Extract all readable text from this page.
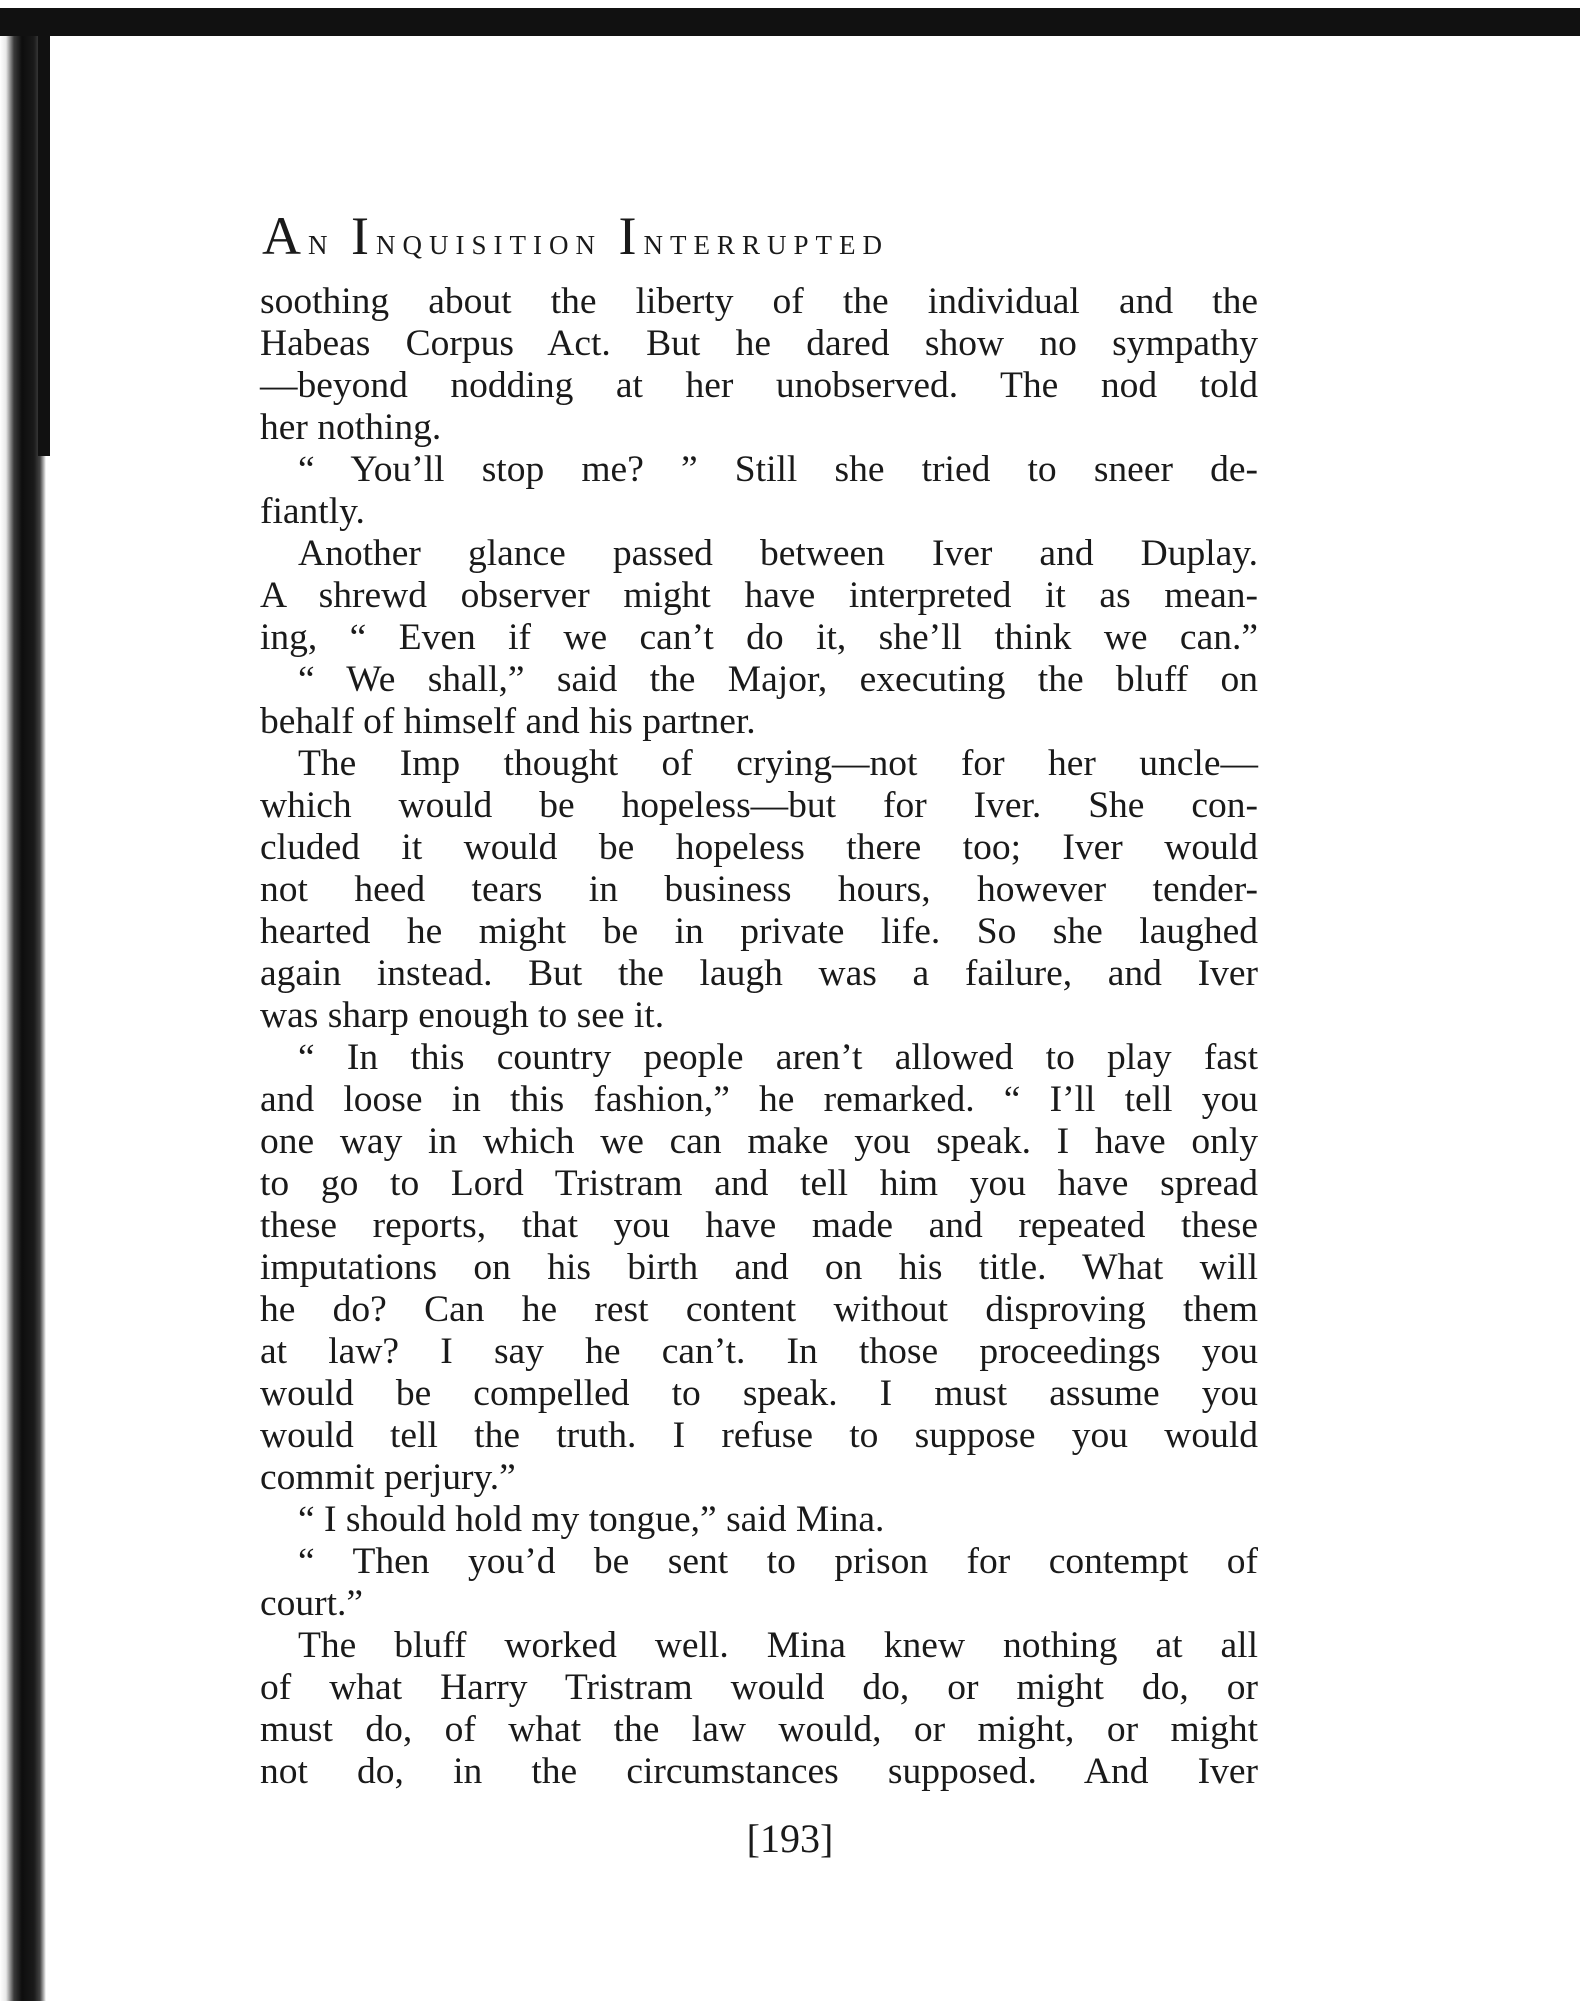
An Inquisition Interrupted

soothing about the liberty of the individual and the

Habeas Corpus Act. But he dared show no sympathy

—beyond nodding at her unobserved. The nod told

her nothing.

“ You’ll stop me? ” Still she tried to sneer de-

fiantly.

Another glance passed between Iver and Duplay.

A shrewd observer might have interpreted it as mean-

ing, “ Even if we can’t do it, she’ll think we can.”

“ We shall,” said the Major, executing the bluff on

behalf of himself and his partner.

The Imp thought of crying—not for her uncle—

which would be hopeless—but for Iver. She con-

cluded it would be hopeless there too; Iver would

not heed tears in business hours, however tender-

hearted he might be in private life. So she laughed

again instead. But the laugh was a failure, and Iver

was sharp enough to see it.

“ In this country people aren’t allowed to play fast

and loose in this fashion,” he remarked. “ I’ll tell you

one way in which we can make you speak. I have only

to go to Lord Tristram and tell him you have spread

these reports, that you have made and repeated these

imputations on his birth and on his title. What will

he do? Can he rest content without disproving them

at law? I say he can’t. In those proceedings you

would be compelled to speak. I must assume you

would tell the truth. I refuse to suppose you would

commit perjury.”

“ I should hold my tongue,” said Mina.

“ Then you’d be sent to prison for contempt of

court.”

The bluff worked well. Mina knew nothing at all

of what Harry Tristram would do, or might do, or

must do, of what the law would, or might, or might

not do, in the circumstances supposed. And Iver

[193]
